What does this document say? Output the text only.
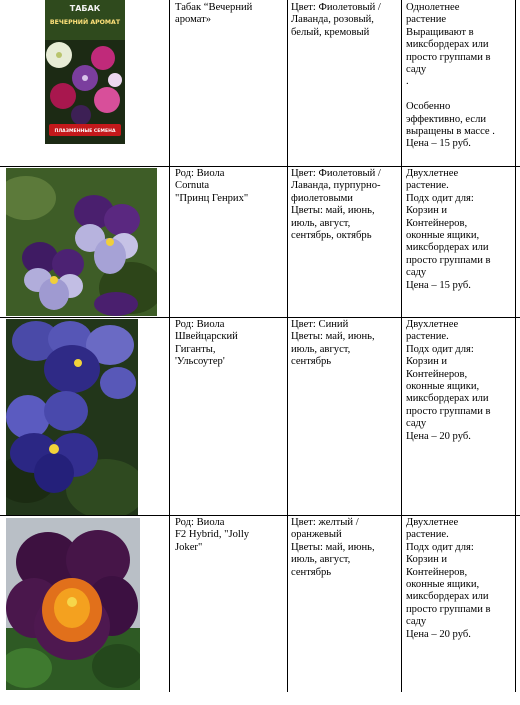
ТАБАК
ВЕЧЕРНИЙ АРОМАТ
ПЛАЗМЕННЫЕ СЕМЕНА
Табак “Вечерний
аромат»
Цвет: Фиолетовый /
Лаванда, розовый,
белый, кремовый
Однолетнее
растение
Выращивают в
миксбордерах или
просто группами в
саду
.

Особенно
эффективно, если
выращены в массе .
Цена – 15 руб.
Род: Виола
Cornuta
"Принц Генрих"
Цвет: Фиолетовый /
Лаванда, пурпурно-
фиолетовыми
Цветы: май, июнь,
июль, август,
сентябрь, октябрь
Двухлетнее
растение.
Подх одит для:
Корзин и
Контейнеров,
оконные ящики,
миксбордерах или
просто группами в
саду
Цена – 15 руб.
Род: Виола
Швейцарский
Гиганты,
'Ульсоутер'
Цвет: Синий
Цветы: май, июнь,
июль, август,
сентябрь
Двухлетнее
растение.
Подх одит для:
Корзин и
Контейнеров,
оконные ящики,
миксбордерах или
просто группами в
саду
Цена – 20 руб.
Род: Виола
F2 Hybrid, "Jolly
Joker"
Цвет: желтый /
оранжевый
Цветы: май, июнь,
июль, август,
сентябрь
Двухлетнее
растение.
Подх одит для:
Корзин и
Контейнеров,
оконные ящики,
миксбордерах или
просто группами в
саду
Цена – 20 руб.
